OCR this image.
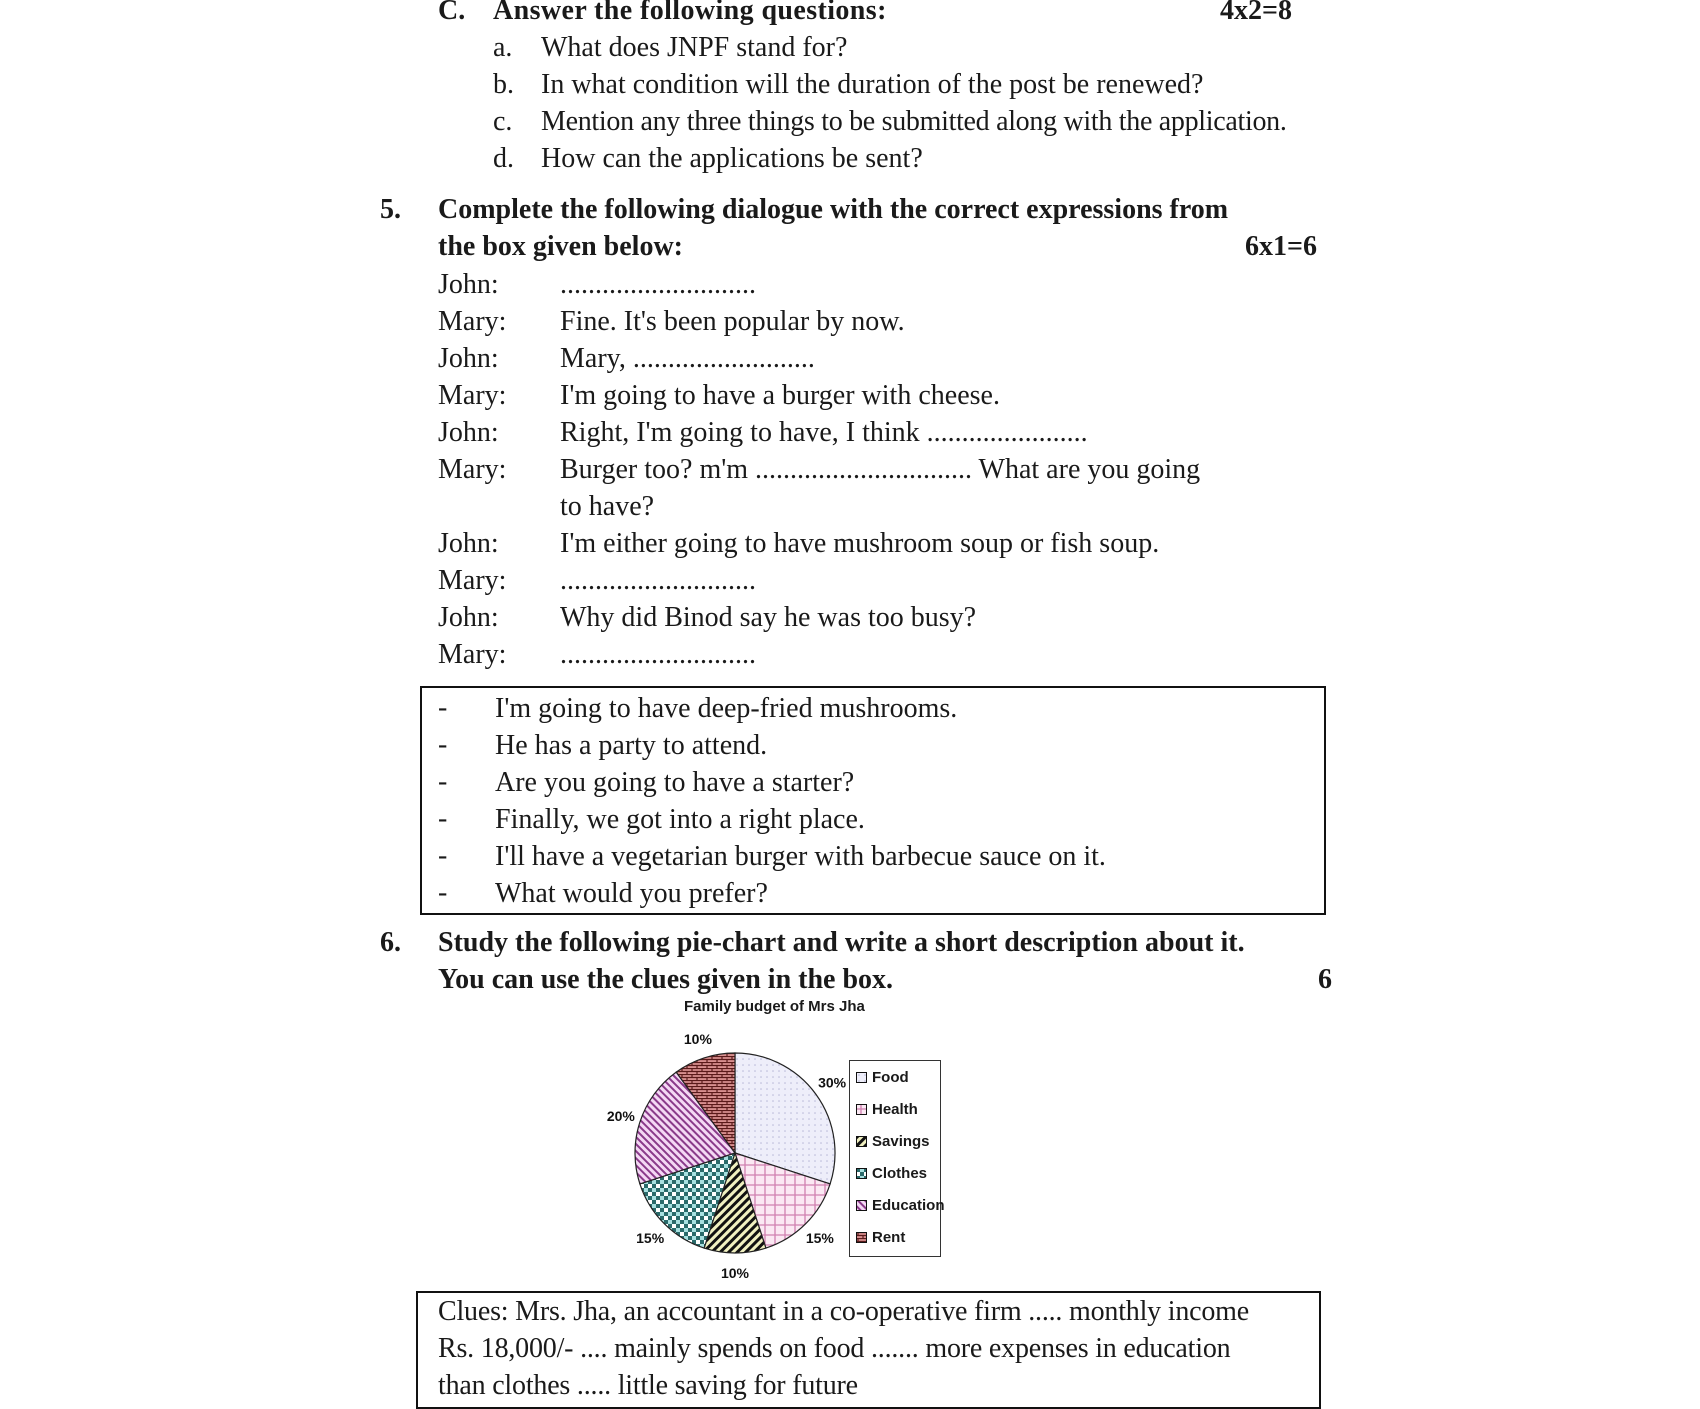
C. Answer the following questions:	4x2=8
a. What does JNPF stand for?
b. In what condition will the duration of the post be renewed?
c. Mention any three things to be submitted along with the application.
d. How can the applications be sent?
5. Complete the following dialogue with the correct expressions from
the box given below:	6x1=6
John: ............................
Mary: Fine. It's been popular by now.
John: Mary, ..........................
Mary: I'm going to have a burger with cheese.
John: Right, I'm going to have, I think .......................
Mary: Burger too? m'm ............................... What are you going
to have?
John: I'm either going to have mushroom soup or fish soup.
Mary: ............................
John: Why did Binod say he was too busy?
Mary: ............................
- I'm going to have deep-fried mushrooms.
- He has a party to attend.
- Are you going to have a starter?
- Finally, we got into a right place.
- I'll have a vegetarian burger with barbecue sauce on it.
- What would you prefer?
6. Study the following pie-chart and write a short description about it.
You can use the clues given in the box.	6
Family budget of Mrs Jha
30%
15%
10%
15%
20%
10%
Food
Health
Savings
Clothes
Education
Rent
Clues: Mrs. Jha, an accountant in a co-operative firm ..... monthly income
Rs. 18,000/- .... mainly spends on food ....... more expenses in education
than clothes ..... little saving for future
